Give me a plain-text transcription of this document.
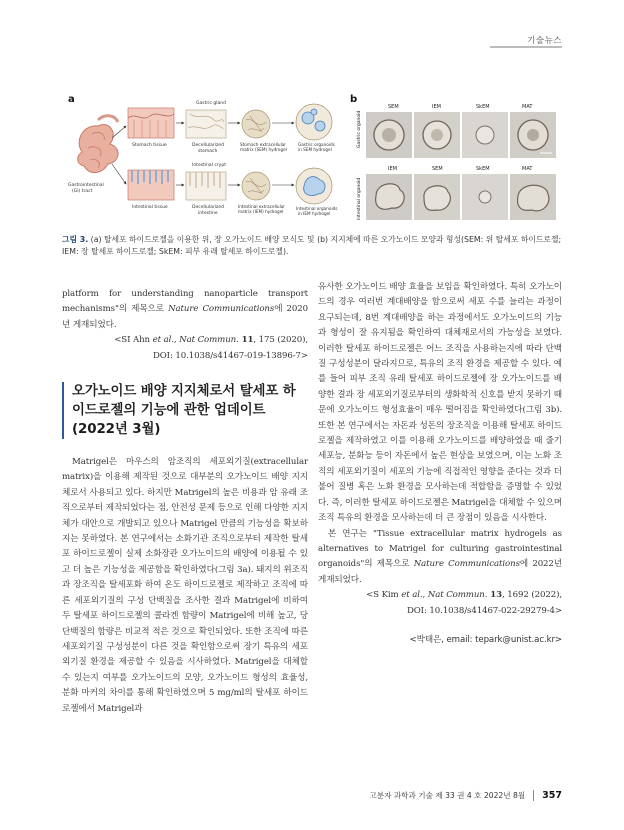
기술뉴스
a
Gastrointestinal
(GI) tract
Stomach tissue
Intestinal tissue
Decellularized
stomach
Gastric gland
Decellularized
intestine
Intestinal crypt
Stomach extracellular
matrix (SEM) hydrogel
Intestinal extracellular
matrix (IEM) hydrogel
Gastric organoids
in SEM hydrogel
Intestinal organoids
in IEM hydrogel
b
SEM	IEM	SkEM	MAT
Gastric organoid
IEM	SEM	SkEM	MAT
Intestinal organoid
그림 3. (a) 탈세포 하이드로젤을 이용한 위, 장 오가노이드 배양 모식도 및 (b) 지지체에 따른 오가노이드 모양과 형성(SEM: 위 탈세포 하이드로젤; IEM: 장 탈세포 하이드로젤; SkEM: 피부 유래 탈세포 하이드로젤).

platform for understanding nanoparticle transport mechanisms"의 제목으로 Nature Communications에 2020년 게재되었다.

<SI Ahn et al., Nat Commun. 11, 175 (2020),

DOI: 10.1038/s41467-019-13896-7>

오가노이드 배양 지지체로서 탈세포 하이드로젤의 기능에 관한 업데이트 (2022년 3월)

Matrigel은 마우스의 암조직의 세포외기질(extracellular matrix)을 이용해 제작된 것으로 대부분의 오가노이드 배양 지지체로서 사용되고 있다. 하지만 Matrigel의 높은 비용과 암 유래 조직으로부터 제작되었다는 점, 안전성 문제 등으로 인해 다양한 지지체가 대안으로 개발되고 있으나 Matrigel 만큼의 기능성을 확보하지는 못하였다. 본 연구에서는 소화기관 조직으로부터 제작한 탈세포 하이드로젤이 실제 소화장관 오가노이드의 배양에 이용될 수 있고 더 높은 기능성을 제공함을 확인하였다(그림 3a). 돼지의 위조직과 장조직을 탈세포화 하여 온도 하이드로젤로 제작하고 조직에 따른 세포외기질의 구성 단백질을 조사한 결과 Matrigel에 비하여 두 탈세포 하이드로젤의 콜라겐 함량이 Matrigel에 비해 높고, 당단백질의 함량은 비교적 적은 것으로 확인되었다. 또한 조직에 따른 세포외기질 구성성분이 다른 것을 확인함으로써 장기 특유의 세포외기질 환경을 제공할 수 있음을 시사하였다. Matrigel을 대체할 수 있는지 여부를 오가노이드의 모양, 오가노이드 형성의 효율성, 분화 마커의 차이를 통해 확인하였으며 5 mg/ml의 탈세포 하이드로젤에서 Matrigel과

유사한 오가노이드 배양 효율을 보임을 확인하였다. 특히 오가노이드의 경우 여러번 계대배양을 함으로써 세포 수를 늘리는 과정이 요구되는데, 8번 계대배양을 하는 과정에서도 오가노이드의 기능과 형성이 잘 유지됨을 확인하여 대체재로서의 가능성을 보였다. 이러한 탈세포 하이드로젤은 어느 조직을 사용하는지에 따라 단백질 구성성분이 달라지므로, 특유의 조직 환경을 제공할 수 있다. 예를 들어 피부 조직 유래 탈세포 하이드로젤에 장 오가노이드를 배양한 결과 장 세포외기질로부터의 생화학적 신호를 받지 못하기 때문에 오가노이드 형성효율이 매우 떨어짐을 확인하였다(그림 3b). 또한 본 연구에서는 자돈과 성돈의 장조직을 이용해 탈세포 하이드로젤을 제작하였고 이를 이용해 오가노이드를 배양하였을 때 줄기세포능, 분화능 등이 자돈에서 높은 현상을 보였으며, 이는 노화 조직의 세포외기질이 세포의 기능에 직접적인 영향을 준다는 것과 더불어 질병 혹은 노화 환경을 모사하는데 적합함을 증명할 수 있었다. 즉, 이러한 탈세포 하이드로젤은 Matrigel을 대체할 수 있으며 조직 특유의 환경을 모사하는데 더 큰 장점이 있음을 시사한다.

본 연구는 "Tissue extracellular matrix hydrogels as alternatives to Matrigel for culturing gastrointestinal organoids"의 제목으로 Nature Communications에 2022년 게재되었다.

<S Kim et al., Nat Commun. 13, 1692 (2022),

DOI: 10.1038/s41467-022-29279-4>

<박태은, email: tepark@unist.ac.kr>

고분자 과학과 기술 제 33 권 4 호 2022년 8월	357
